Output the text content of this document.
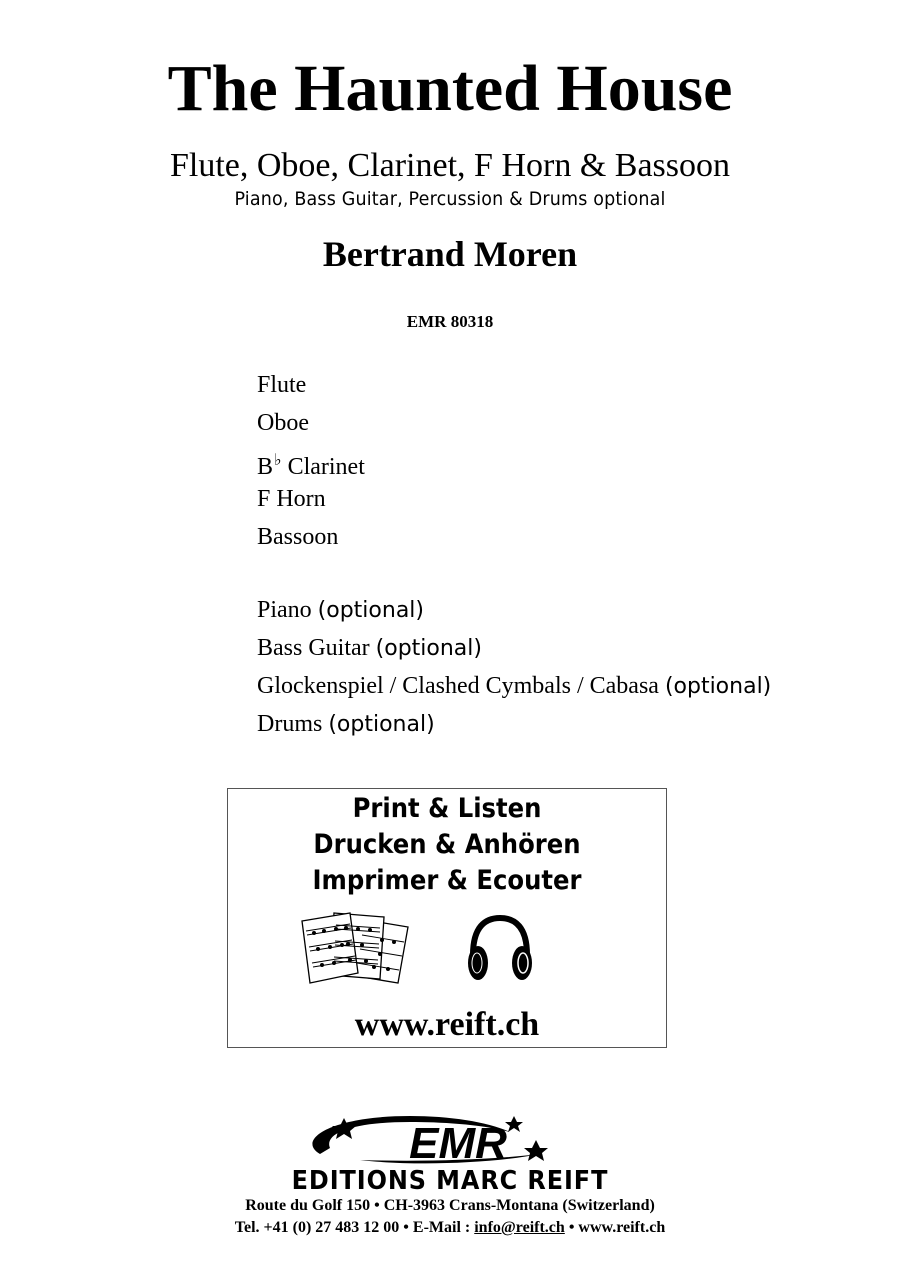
The Haunted House
Flute, Oboe, Clarinet, F Horn & Bassoon
Piano, Bass Guitar, Percussion & Drums optional
Bertrand Moren
EMR 80318
Flute
Oboe
B♭ Clarinet
F Horn
Bassoon
Piano (optional)
Bass Guitar (optional)
Glockenspiel / Clashed Cymbals / Cabasa (optional)
Drums (optional)
Print & Listen
Drucken & Anhören
Imprimer & Ecouter
www.reift.ch
EMR
EDITIONS MARC REIFT
Route du Golf 150 • CH-3963 Crans-Montana (Switzerland)
Tel. +41 (0) 27 483 12 00 • E-Mail : info@reift.ch • www.reift.ch
